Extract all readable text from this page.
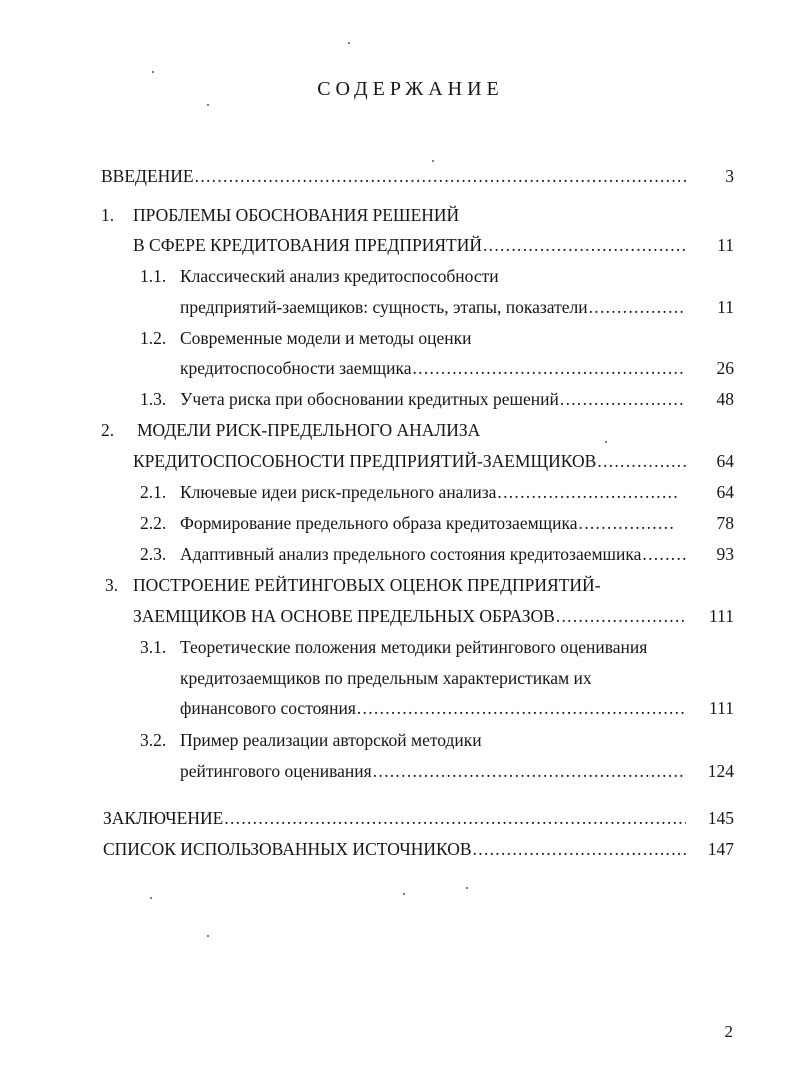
СОДЕРЖАНИЕ
ВВЕДЕНИЕ .....	3
1. ПРОБЛЕМЫ ОБОСНОВАНИЯ РЕШЕНИЙ
В СФЕРЕ КРЕДИТОВАНИЯ ПРЕДПРИЯТИЙ .....	11
1.1. Классический анализ кредитоспособности
предприятий-заемщиков: сущность, этапы, показатели .....	11
1.2. Современные модели и методы оценки
кредитоспособности заемщика .....	26
1.3. Учета риска при обосновании кредитных решений .....	48
2. МОДЕЛИ РИСК-ПРЕДЕЛЬНОГО АНАЛИЗА
КРЕДИТОСПОСОБНОСТИ ПРЕДПРИЯТИЙ-ЗАЕМЩИКОВ .....	64
2.1. Ключевые идеи риск-предельного анализа .....	64
2.2. Формирование предельного образа кредитозаемщика .....	78
2.3. Адаптивный анализ предельного состояния кредитозаемшика .....	93
3. ПОСТРОЕНИЕ РЕЙТИНГОВЫХ ОЦЕНОК ПРЕДПРИЯТИЙ-
ЗАЕМЩИКОВ НА ОСНОВЕ ПРЕДЕЛЬНЫХ ОБРАЗОВ .....	111
3.1. Теоретические положения методики рейтингового оценивания
кредитозаемщиков по предельным характеристикам их
финансового состояния .....	111
3.2. Пример реализации авторской методики
рейтингового оценивания .....	124
ЗАКЛЮЧЕНИЕ .....	145
СПИСОК ИСПОЛЬЗОВАННЫХ ИСТОЧНИКОВ .....	147
2
